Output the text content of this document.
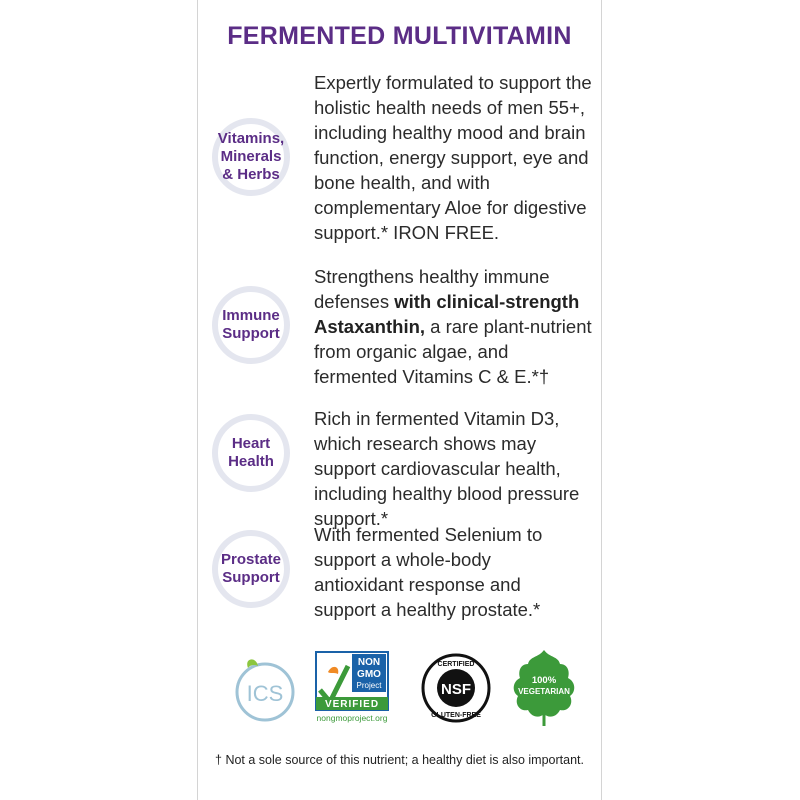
FERMENTED MULTIVITAMIN
Vitamins,
Minerals
& Herbs
Expertly formulated to support the holistic health needs of men 55+, including healthy mood and brain function, energy support, eye and bone health, and with complementary Aloe for digestive support.* IRON FREE.
Immune
Support
Strengthens healthy immune defenses with clinical-strength Astaxanthin, a rare plant-nutrient from organic algae, and fermented Vitamins C & E.*†
Heart
Health
Rich in fermented Vitamin D3, which research shows may support cardiovascular health, including healthy blood pressure support.*
Prostate
Support
With fermented Selenium to support a whole-body antioxidant response and support a healthy prostate.*
ICS
NON
GMO
Project
VERIFIED
nongmoproject.org
NSF
CERTIFIED
GLUTEN-FREE
100%
VEGETARIAN
† Not a sole source of this nutrient; a healthy diet is also important.
